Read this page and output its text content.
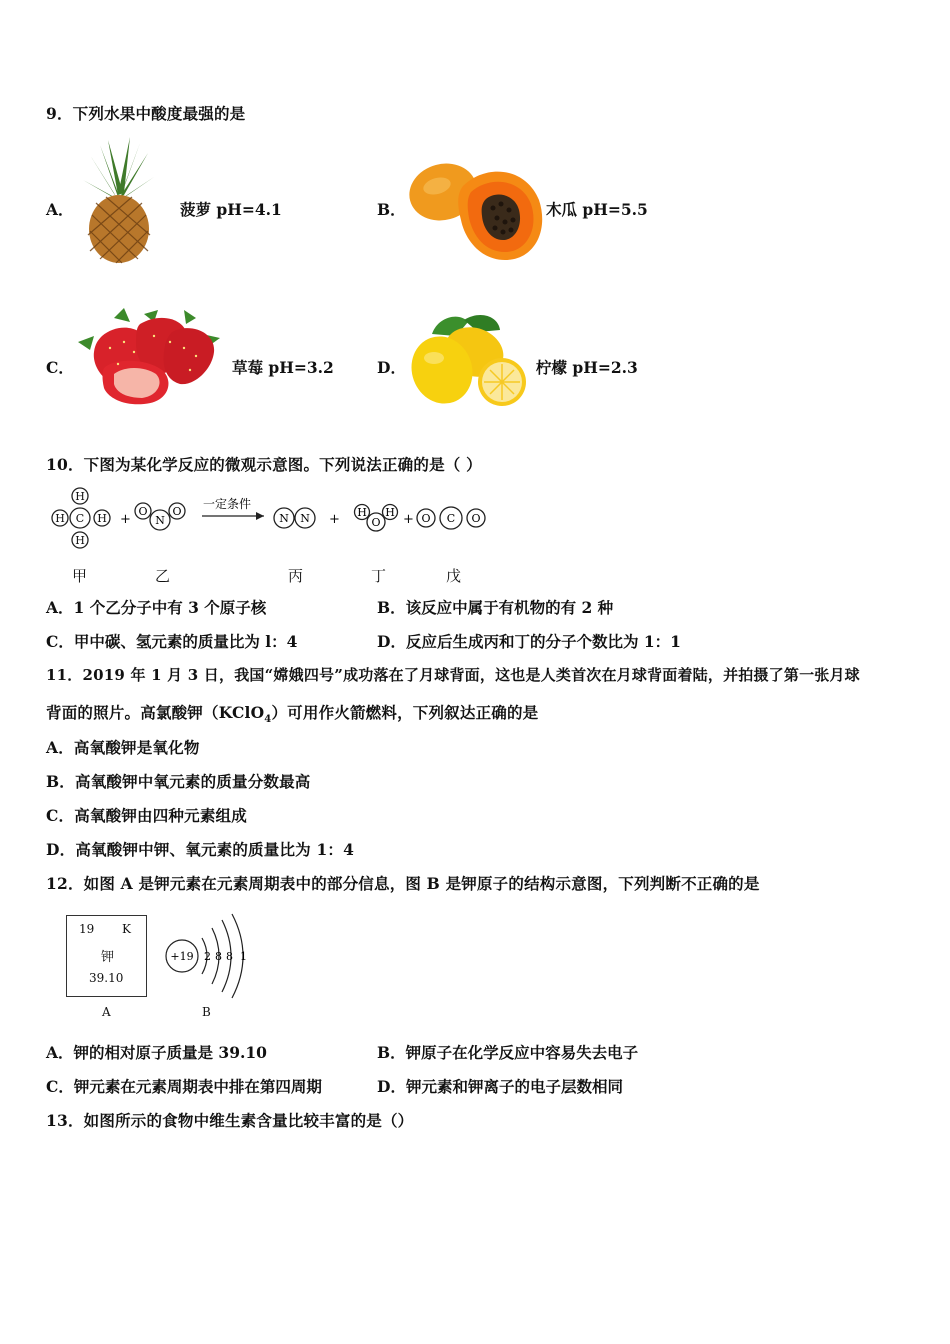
9．下列水果中酸度最强的是
A．	菠萝 pH=4.1	B．	木瓜 pH=5.5
C．	草莓 pH=3.2	D．	柠檬 pH=2.3
10．下图为某化学反应的微观示意图。下列说法正确的是（ ）
C
H	H
H
H
+ N
O O
一定条件
N N +	O
H H + O C O
甲	乙	丙	丁	戊
A．1 个乙分子中有 3 个原子核	B．该反应中属于有机物的有 2 种
C．甲中碳、氢元素的质量比为 l：4	D．反应后生成丙和丁的分子个数比为 1：1
11．2019 年 1 月 3 日，我国“嫦娥四号”成功落在了月球背面，这也是人类首次在月球背面着陆，并拍摄了第一张月球
背面的照片。高氯酸钾（KClO$_4$）可用作火箭燃料，下列叙达正确的是
A．高氧酸钾是氧化物
B．高氧酸钾中氧元素的质量分数最高
C．高氧酸钾由四种元素组成
D．高氧酸钾中钾、氧元素的质量比为 1：4
12．如图 A 是钾元素在元素周期表中的部分信息，图 B 是钾原子的结构示意图，下列判断不正确的是
19 K
钾
39.10
A
+19 2 8 8 1
B
A．钾的相对原子质量是 39.10	B．钾原子在化学反应中容易失去电子
C．钾元素在元素周期表中排在第四周期	D．钾元素和钾离子的电子层数相同
13．如图所示的食物中维生素含量比较丰富的是（）
